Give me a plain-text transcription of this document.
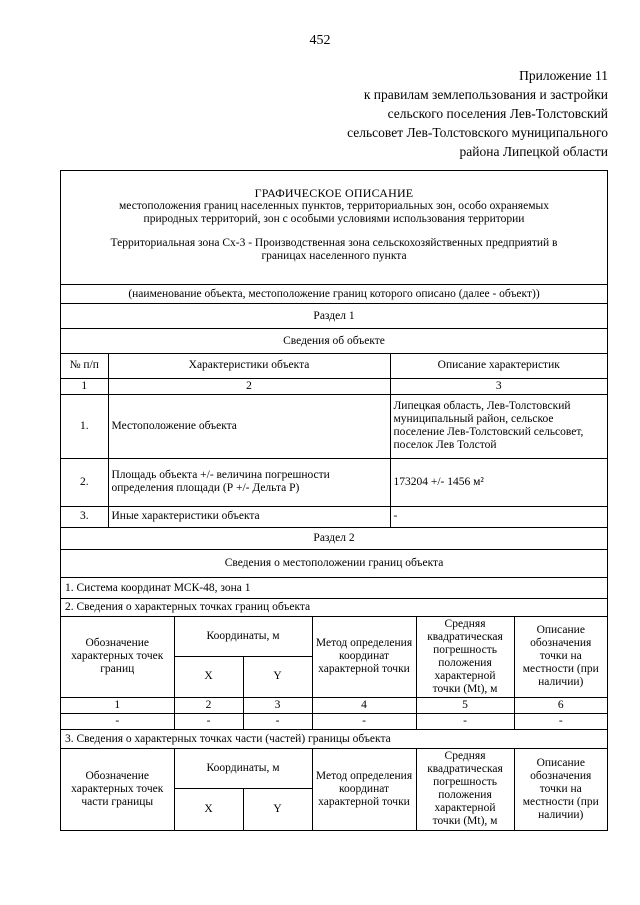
452
Приложение 11
к правилам землепользования и застройки
сельского поселения Лев-Толстовский
сельсовет Лев-Толстовского муниципального
района Липецкой области
ГРАФИЧЕСКОЕ ОПИСАНИЕ
местоположения границ населенных пунктов, территориальных зон, особо охраняемых
природных территорий, зон с особыми условиями использования территории
Территориальная зона Сх-3 - Производственная зона сельскохозяйственных предприятий в
границах населенного пункта
(наименование объекта, местоположение границ которого описано (далее - объект))
Раздел 1
Сведения об объекте
№ п/п	Характеристики объекта	Описание характеристик
1	2	3
1.	Местоположение объекта	Липецкая область, Лев-Толстовский муниципальный район, сельское поселение Лев-Толстовский сельсовет, поселок Лев Толстой
2.	Площадь объекта +/- величина погрешности определения площади (Р +/- Дельта Р)	173204 +/- 1456 м²
3.	Иные характеристики объекта	-
Раздел 2
Сведения о местоположении границ объекта
1. Система координат МСК-48, зона 1
2. Сведения о характерных точках границ объекта
Обозначение характерных точек границ	Координаты, м		Метод определения координат характерной точки	Средняя квадратическая погрешность положения характерной точки (Mt), м	Описание обозначения точки на местности (при наличии)
	X	Y			
1	2	3	4	5	6
-	-	-	-	-	-
3. Сведения о характерных точках части (частей) границы объекта
Обозначение характерных точек части границы	Координаты, м		Метод определения координат характерной точки	Средняя квадратическая погрешность положения характерной точки (Mt), м	Описание обозначения точки на местности (при наличии)
	X	Y			
